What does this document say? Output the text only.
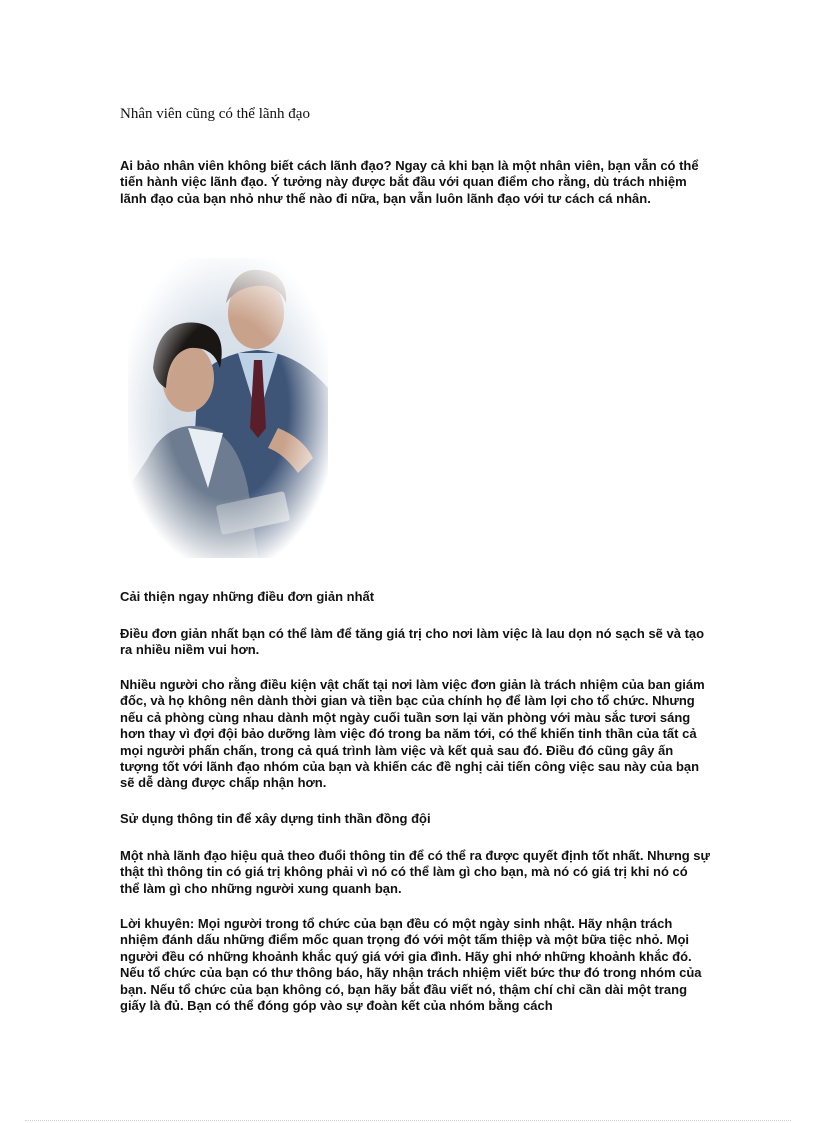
Nhân viên cũng có thể lãnh đạo

Ai bảo nhân viên không biết cách lãnh đạo? Ngay cả khi bạn là một nhân viên, bạn vẫn có thể tiến hành việc lãnh đạo. Ý tưởng này được bắt đầu với quan điểm cho rằng, dù trách nhiệm lãnh đạo của bạn nhỏ như thế nào đi nữa, bạn vẫn luôn lãnh đạo với tư cách cá nhân.

Cải thiện ngay những điều đơn giản nhất

Điều đơn giản nhất bạn có thể làm để tăng giá trị cho nơi làm việc là lau dọn nó sạch sẽ và tạo ra nhiều niềm vui hơn.

Nhiều người cho rằng điều kiện vật chất tại nơi làm việc đơn giản là trách nhiệm của ban giám đốc, và họ không nên dành thời gian và tiền bạc của chính họ để làm lợi cho tổ chức. Nhưng nếu cả phòng cùng nhau dành một ngày cuối tuần sơn lại văn phòng với màu sắc tươi sáng hơn thay vì đợi đội bảo dưỡng làm việc đó trong ba năm tới, có thể khiến tinh thần của tất cả mọi người phấn chấn, trong cả quá trình làm việc và kết quả sau đó. Điều đó cũng gây ấn tượng tốt với lãnh đạo nhóm của bạn và khiến các đề nghị cải tiến công việc sau này của bạn sẽ dễ dàng được chấp nhận hơn.

Sử dụng thông tin để xây dựng tinh thần đồng đội

Một nhà lãnh đạo hiệu quả theo đuổi thông tin để có thể ra được quyết định tốt nhất. Nhưng sự thật thì thông tin có giá trị không phải vì nó có thể làm gì cho bạn, mà nó có giá trị khi nó có thể làm gì cho những người xung quanh bạn.

Lời khuyên: Mọi người trong tổ chức của bạn đều có một ngày sinh nhật. Hãy nhận trách nhiệm đánh dấu những điểm mốc quan trọng đó với một tấm thiệp và một bữa tiệc nhỏ. Mọi người đều có những khoảnh khắc quý giá với gia đình. Hãy ghi nhớ những khoảnh khắc đó. Nếu tổ chức của bạn có thư thông báo, hãy nhận trách nhiệm viết bức thư đó trong nhóm của bạn. Nếu tổ chức của bạn không có, bạn hãy bắt đầu viết nó, thậm chí chỉ cần dài một trang giấy là đủ. Bạn có thể đóng góp vào sự đoàn kết của nhóm bằng cách
